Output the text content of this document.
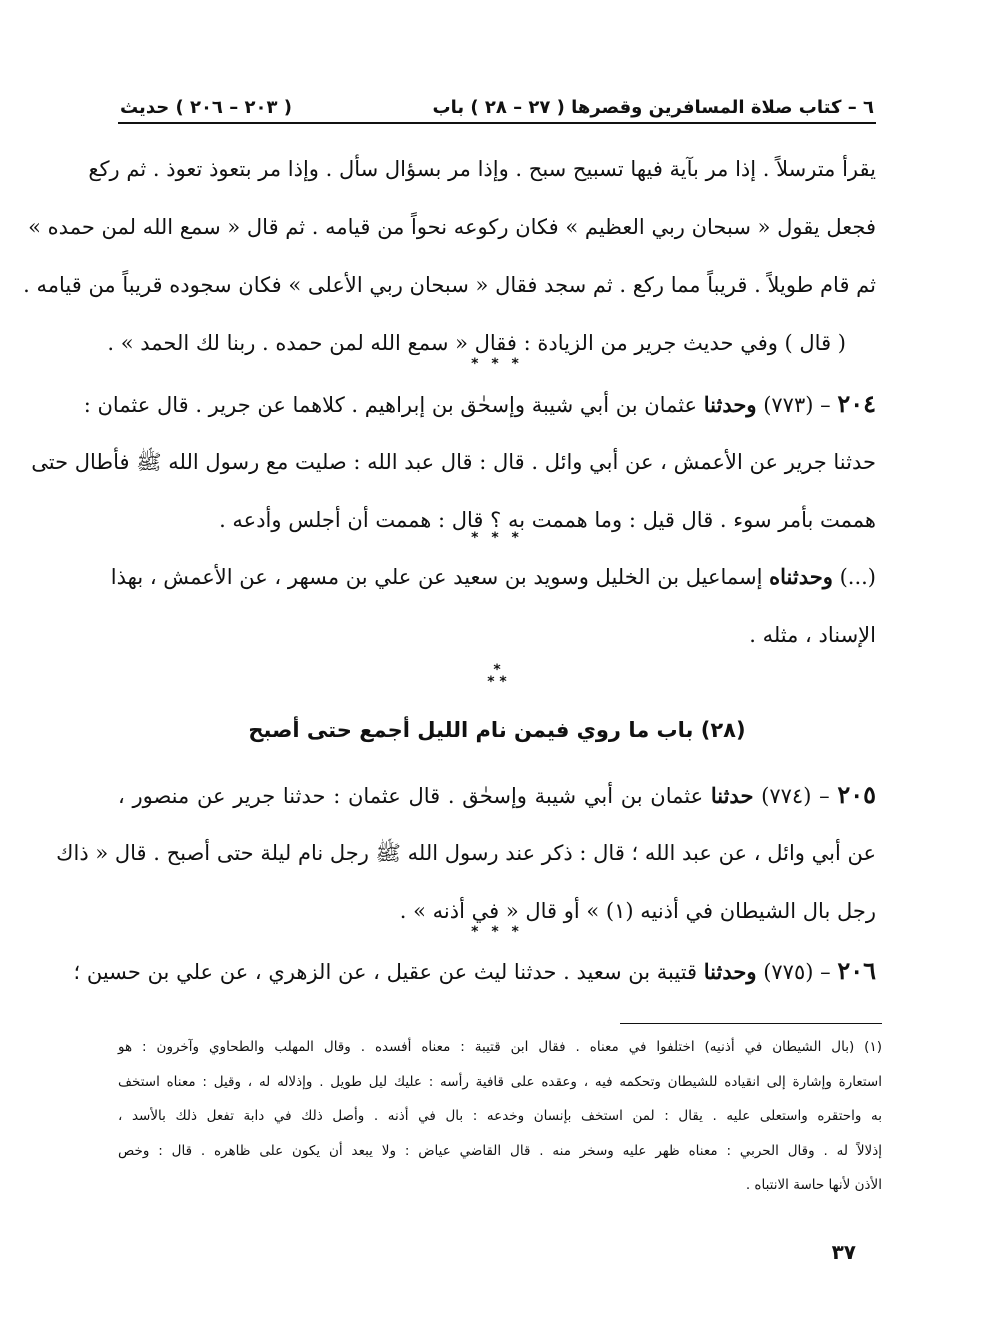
٦ – كتاب صلاة المسافرين وقصرها ( ٢٧ – ٢٨ ) باب
( ٢٠٣ – ٢٠٦ ) حديث
يقرأ مترسلاً . إذا مر بآية فيها تسبيح سبح . وإذا مر بسؤال سأل . وإذا مر بتعوذ تعوذ . ثم ركع
فجعل يقول « سبحان ربي العظيم » فكان ركوعه نحواً من قيامه . ثم قال « سمع الله لمن حمده »
ثم قام طويلاً . قريباً مما ركع . ثم سجد فقال « سبحان ربي الأعلى » فكان سجوده قريباً من قيامه .
( قال ) وفي حديث جرير من الزيادة : فقال « سمع الله لمن حمده . ربنا لك الحمد » .
* * *
٢٠٤ – (٧٧٣) وحدثنا عثمان بن أبي شيبة وإسحٰق بن إبراهيم . كلاهما عن جرير . قال عثمان :
حدثنا جرير عن الأعمش ، عن أبي وائل . قال : قال عبد الله : صليت مع رسول الله ﷺ فأطال حتى
هممت بأمر سوء . قال قيل : وما هممت به ؟ قال : هممت أن أجلس وأدعه .
* * *
(...) وحدثناه إسماعيل بن الخليل وسويد بن سعيد عن علي بن مسهر ، عن الأعمش ، بهذا
الإسناد ، مثله .
*
* *
(٢٨) باب ما روي فيمن نام الليل أجمع حتى أصبح
٢٠٥ – (٧٧٤) حدثنا عثمان بن أبي شيبة وإسحٰق . قال عثمان : حدثنا جرير عن منصور ،
عن أبي وائل ، عن عبد الله ؛ قال : ذكر عند رسول الله ﷺ رجل نام ليلة حتى أصبح . قال « ذاك
رجل بال الشيطان في أذنيه (١) » أو قال « في أذنه » .
* * *
٢٠٦ – (٧٧٥) وحدثنا قتيبة بن سعيد . حدثنا ليث عن عقيل ، عن الزهري ، عن علي بن حسين ؛
(١) (بال الشيطان في أذنيه) اختلفوا في معناه . فقال ابن قتيبة : معناه أفسده . وقال المهلب والطحاوي وآخرون : هو
استعارة وإشارة إلى انقياده للشيطان وتحكمه فيه ، وعقده على قافية رأسه : عليك ليل طويل . وإذلاله له ، وقيل : معناه استخف
به واحتقره واستعلى عليه . يقال : لمن استخف بإنسان وخدعه : بال في أذنه . وأصل ذلك في دابة تفعل ذلك بالأسد ،
إذلالاً له . وقال الحربي : معناه ظهر عليه وسخر منه . قال القاضي عياض : ولا يبعد أن يكون على ظاهره . قال : وخص
الأذن لأنها حاسة الانتباه .
٣٧
